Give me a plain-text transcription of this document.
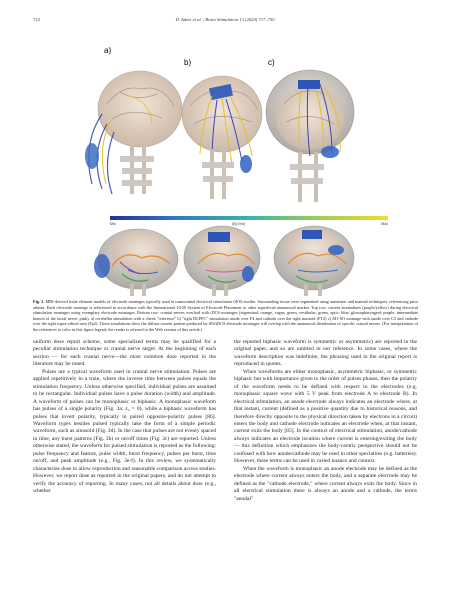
722	D. Adair et al. / Brain Stimulation 13 (2020) 717–750
a)
b)	c)
Min	|E|(V/m)	Max
Fig. 1. MRI-derived finite element models of electrode montages typically used in transcranial electrical stimulation (tES) studies. Surrounding tissue were segmented using automatic and manual techniques, referencing prior atlases. Each electrode montage is referenced in accordance with the International 10/20 System of Electrode Placement or other superficial anatomical marker. Top row: current streamlines (purple/yellow) during electrical stimulation montages using exemplary electrode montages. Bottom row: cranial nerves overlaid with tDCS montages (trigeminal: orange, vagus: green, vestibular, green, optic: blue, glossopharyngeal: purple, intermediate branch of the facial nerve: pink). a) cerebellar stimulation with a cheek "reference" b) "right DLPFC" stimulation anode over F4 and cathode over the right mastoid (FT2) c) M1-SO montage with anode over C3 and cathode over the right supra-orbital area (Fp2). These simulations show the diffuse current pattern produced by tES/tDCS electrode montages will overlap with the anatomical distribution of specific cranial nerves. (For interpretation of the references to color in this figure legend, the reader is referred to the Web version of this article.)

uniform dose report scheme, some specialized terms may be qualified for a peculiar stimulation technique or cranial nerve target. At the beginning of each section — for each cranial nerve—the most common dose reported in the literature may be noted.

Pulses are a typical waveform used in cranial nerve stimulation. Pulses are applied repetitively in a train, where the inverse time between pulses equals the stimulation frequency. Unless otherwise specified, individual pulses are assumed to be rectangular. Individual pulses have a pulse duration (width) and amplitude. A waveform of pulses can be monophasic or biphasic. A monophasic waveform has pulses of a single polarity (Fig. 3a; z₂ = 0), while a biphasic waveform has pulses that invert polarity, typically in paired opposite-polarity pulses [86]. Waveform types besides pulsed typically take the form of a simple periodic waveform, such as sinusoid (Fig. 3d). In the case that pulses are not evenly spaced in time, any burst patterns (Fig. 3b) or on/off times (Fig. 3c) are reported. Unless otherwise stated, the waveform for pulsed stimulation is reported as the following: pulse frequency and feature, pulse width, burst frequency, pulses per burst, time on/off, and peak amplitude (e.g., Fig. 3e-f). In this review, we systematically characterize dose to allow reproduction and reasonable comparison across studies. However, we report dose as reported in the original papers, and do not attempt to verify the accuracy of reporting. In many cases, not all details about dose (e.g., whether

the reported biphasic waveform is symmetric or asymmetric) are reported in the original paper, and so are omitted in our reference. In some cases, where the waveform description was indefinite, the phrasing used in the original report is reproduced in quotes.

When waveforms are either monophasic, asymmetric biphasic, or symmetric biphasic but with importance given to the order of pulses phases, then the polarity of the waveform needs to be defined with respect to the electrodes (e.g. monophasic square wave with 5 V peak from electrode A to electrode B). In electrical stimulation, an anode electrode always indicates an electrode where, at that instant, current (defined as a positive quantity due to historical reasons, and therefore directly opposite to the physical direction taken by electrons in a circuit) enters the body and cathode electrode indicates an electrode when, at that instant, current exits the body [85]. In the context of electrical stimulation, anode/cathode always indicates an electrode location where current is entering/exiting the body — this definition which emphasizes the body-centric perspective should not be confused with how anode/cathode may be used in other specialties (e.g. batteries). However, these terms can be used in varied nuance and context.

When the waveform is monophasic an anode electrode may be defined as the electrode where current always enters the body, and a separate electrode may be defined as the "cathode electrode," where current always exits the body. Since in all electrical stimulation there is always an anode and a cathode, the terms "anodal"
